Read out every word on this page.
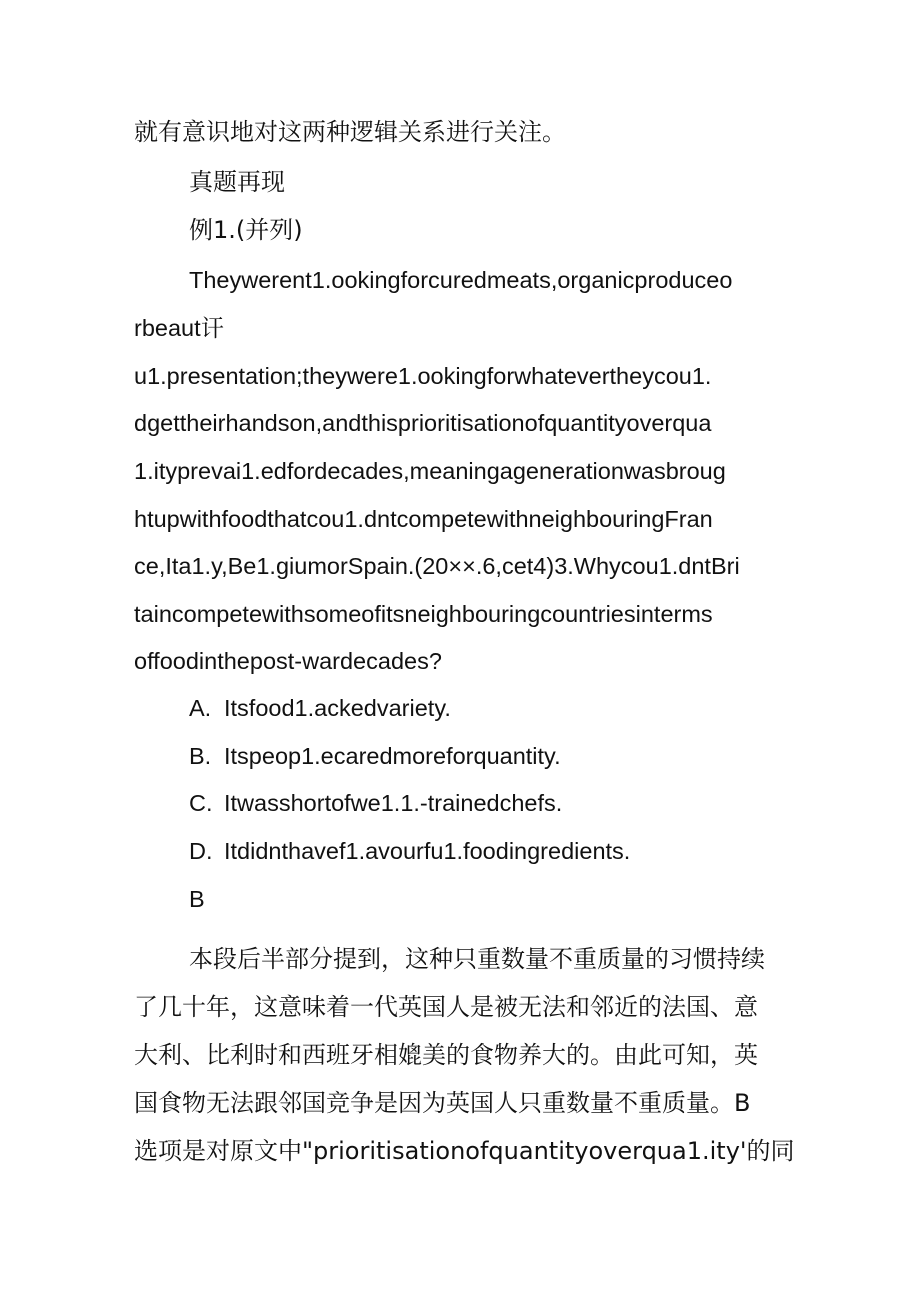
就有意识地对这两种逻辑关系进行关注。
真题再现
例1.(并列)
Theywerent1.ookingforcuredmeats,organicproduceo
rbeaut讦
u1.presentation;theywere1.ookingforwhatevertheycou1.
dgettheirhandson,andthisprioritisationofquantityoverqua
1.ityprevai1.edfordecades,meaningagenerationwasbroug
htupwithfoodthatcou1.dntcompetewithneighbouringFran
ce,Ita1.y,Be1.giumorSpain.(20××.6,cet4)3.Whycou1.dntBri
taincompetewithsomeofitsneighbouringcountriesinterms
offoodinthepost-wardecades?
A. Itsfood1.ackedvariety.
B. Itspeop1.ecaredmoreforquantity.
C. Itwasshortofwe1.1.-trainedchefs.
D. Itdidnthavef1.avourfu1.foodingredients.
B
本段后半部分提到，这种只重数量不重质量的习惯持续
了几十年，这意味着一代英国人是被无法和邻近的法国、意
大利、比利时和西班牙相媲美的食物养大的。由此可知，英
国食物无法跟邻国竞争是因为英国人只重数量不重质量。B
选项是对原文中"prioritisationofquantityoverqua1.ity'的同
